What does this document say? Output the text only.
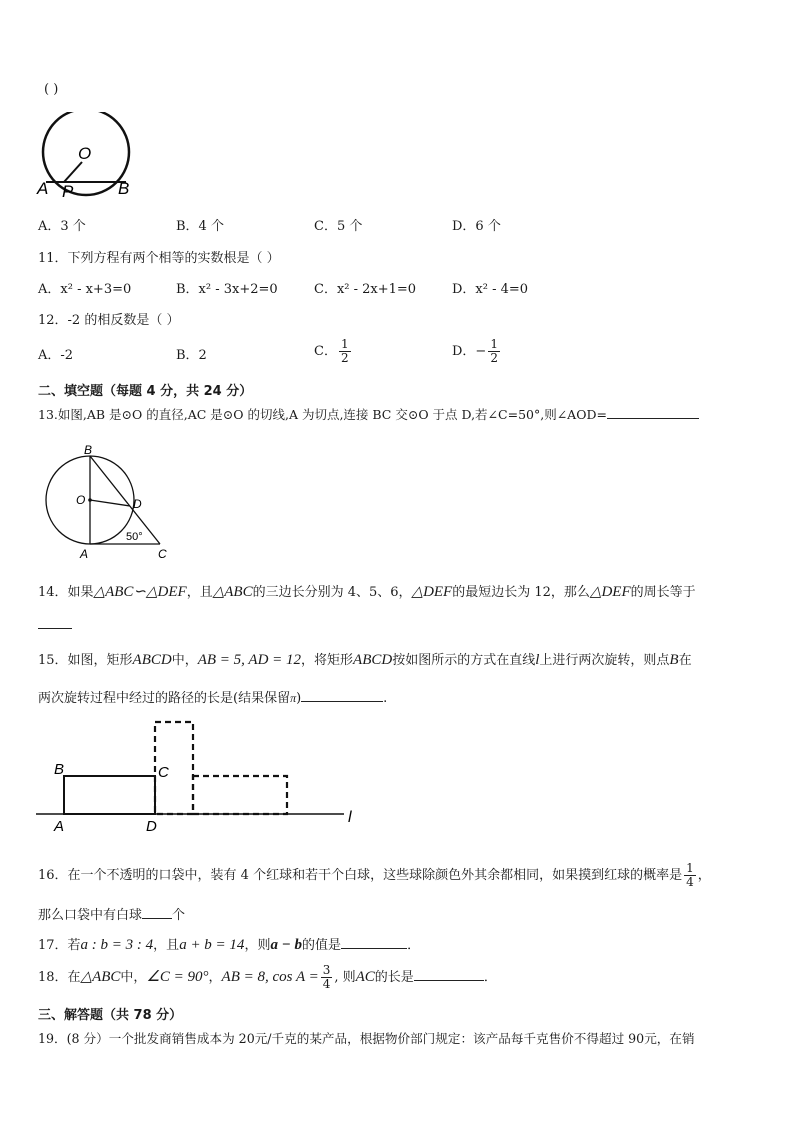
( )
O
A P	B
A．3 个	B．4 个	C．5 个	D．6 个
11．下列方程有两个相等的实数根是（ ）
A．x² - x+3=0	B．x² - 3x+2=0	C．x² - 2x+1=0	D．x² - 4=0
12．-2 的相反数是（ ）
A．-2	B．2	C． $\frac{1}{2}$	D．− $\frac{1}{2}$
二、填空题（每题 4 分，共 24 分）
13.如图,AB 是⊙O 的直径,AC 是⊙O 的切线,A 为切点,连接 BC 交⊙O 于点 D,若∠C=50°,则∠AOD=
B
O	D
A	C
50°
14．如果△ABC∽△DEF，且△ABC的三边长分别为 4、5、6，△DEF的最短边长为 12，那么△DEF的周长等于
15．如图，矩形ABCD中，AB = 5, AD = 12，将矩形ABCD按如图所示的方式在直线l上进行两次旋转，则点B在
两次旋转过程中经过的路径的长是(结果保留π)	.
B	C
A	D
l
16．在一个不透明的口袋中，装有 4 个红球和若干个白球，这些球除颜色外其余都相同，如果摸到红球的概率是 $\frac{1}{4}$ ，
那么口袋中有白球 个
17．若a : b = 3 : 4，且a + b = 14，则a − b的值是	．
18．在△ABC中，∠C = 90°，AB = 8, $\cos A = \frac{3}{4}$ , 则AC的长是	．
三、解答题（共 78 分）
19．(8 分）一个批发商销售成本为 20元/千克的某产品，根据物价部门规定：该产品每千克售价不得超过 90元，在销
